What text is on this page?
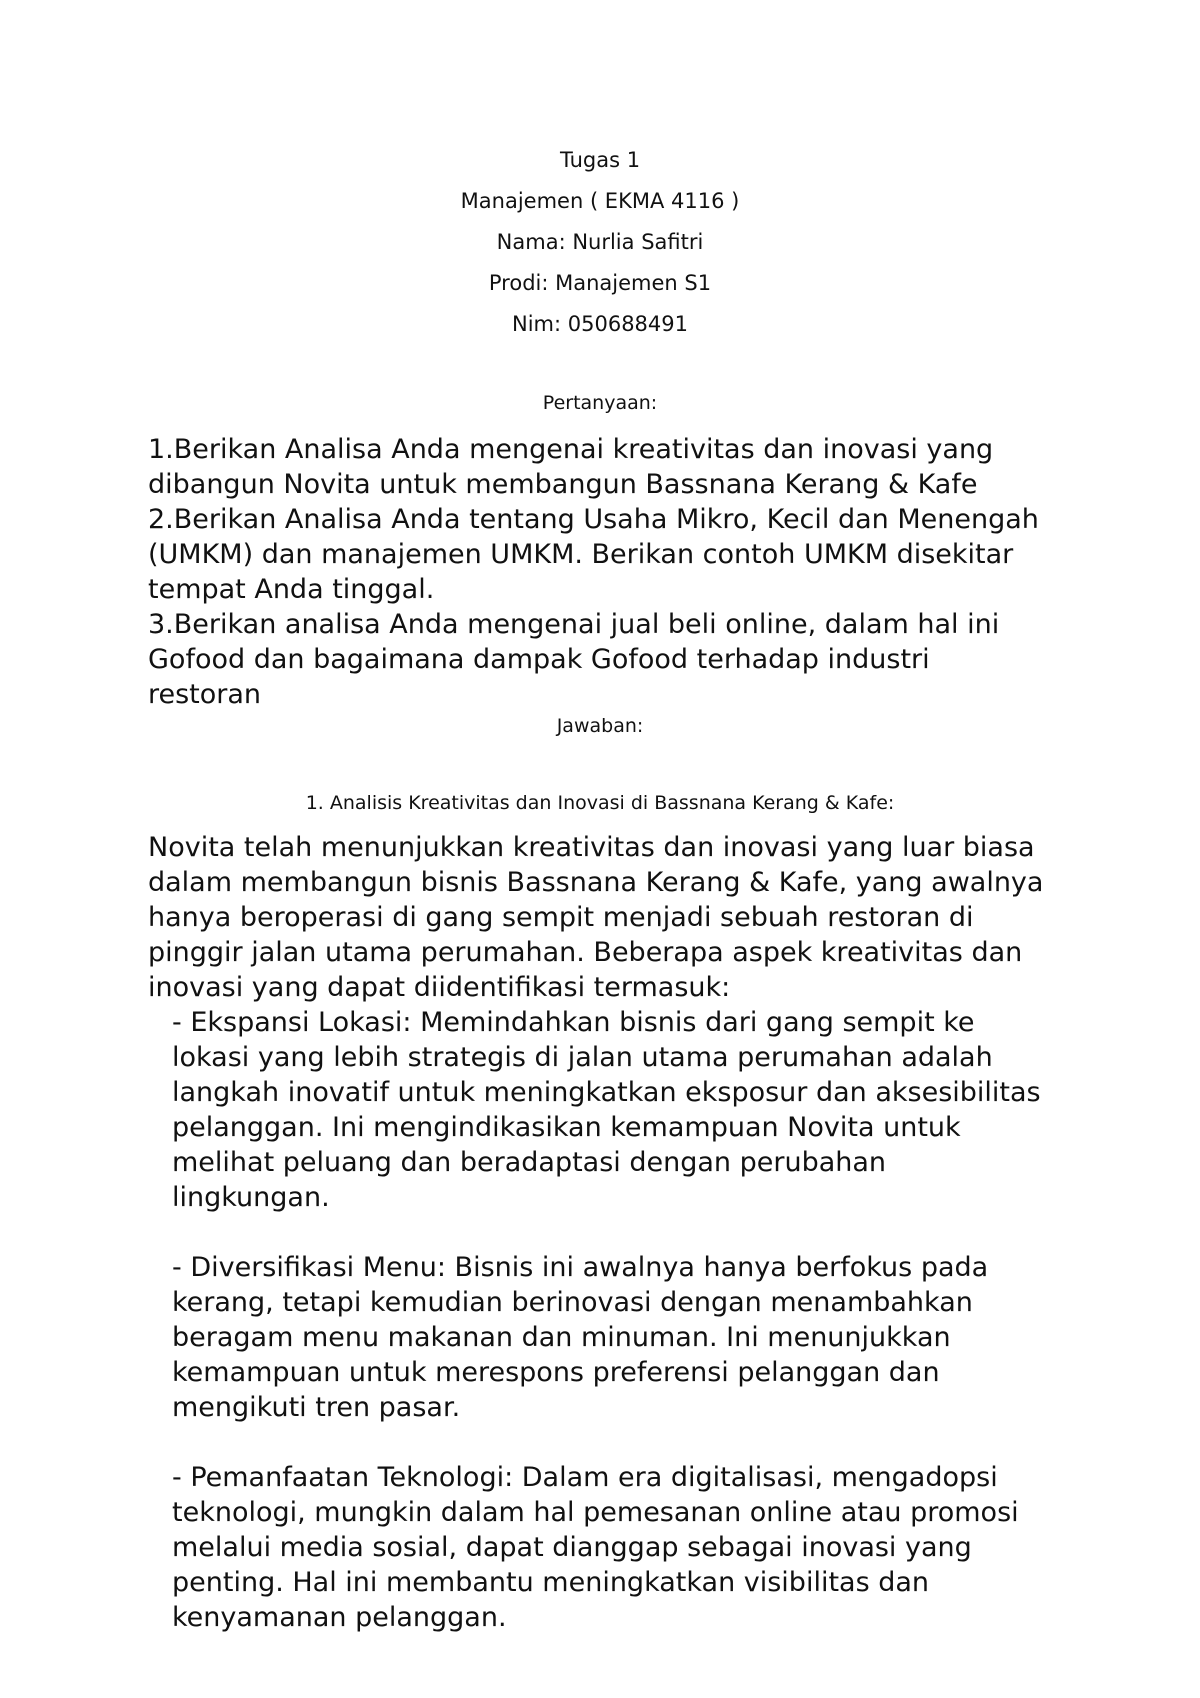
Tugas 1
Manajemen ( EKMA 4116 )
Nama: Nurlia Safitri
Prodi: Manajemen S1
Nim: 050688491
Pertanyaan:

1.Berikan Analisa Anda mengenai kreativitas dan inovasi yang dibangun Novita untuk membangun Bassnana Kerang & Kafe

2.Berikan Analisa Anda tentang Usaha Mikro, Kecil dan Menengah (UMKM) dan manajemen UMKM. Berikan contoh UMKM disekitar tempat Anda tinggal.

3.Berikan analisa Anda mengenai jual beli online, dalam hal ini Gofood dan bagaimana dampak Gofood terhadap industri restoran

Jawaban:
1. Analisis Kreativitas dan Inovasi di Bassnana Kerang & Kafe:

Novita telah menunjukkan kreativitas dan inovasi yang luar biasa dalam membangun bisnis Bassnana Kerang & Kafe, yang awalnya hanya beroperasi di gang sempit menjadi sebuah restoran di pinggir jalan utama perumahan. Beberapa aspek kreativitas dan inovasi yang dapat diidentifikasi termasuk:

- Ekspansi Lokasi: Memindahkan bisnis dari gang sempit ke lokasi yang lebih strategis di jalan utama perumahan adalah langkah inovatif untuk meningkatkan eksposur dan aksesibilitas pelanggan. Ini mengindikasikan kemampuan Novita untuk melihat peluang dan beradaptasi dengan perubahan lingkungan.

- Diversifikasi Menu: Bisnis ini awalnya hanya berfokus pada kerang, tetapi kemudian berinovasi dengan menambahkan beragam menu makanan dan minuman. Ini menunjukkan kemampuan untuk merespons preferensi pelanggan dan mengikuti tren pasar.

- Pemanfaatan Teknologi: Dalam era digitalisasi, mengadopsi teknologi, mungkin dalam hal pemesanan online atau promosi melalui media sosial, dapat dianggap sebagai inovasi yang penting. Hal ini membantu meningkatkan visibilitas dan kenyamanan pelanggan.
